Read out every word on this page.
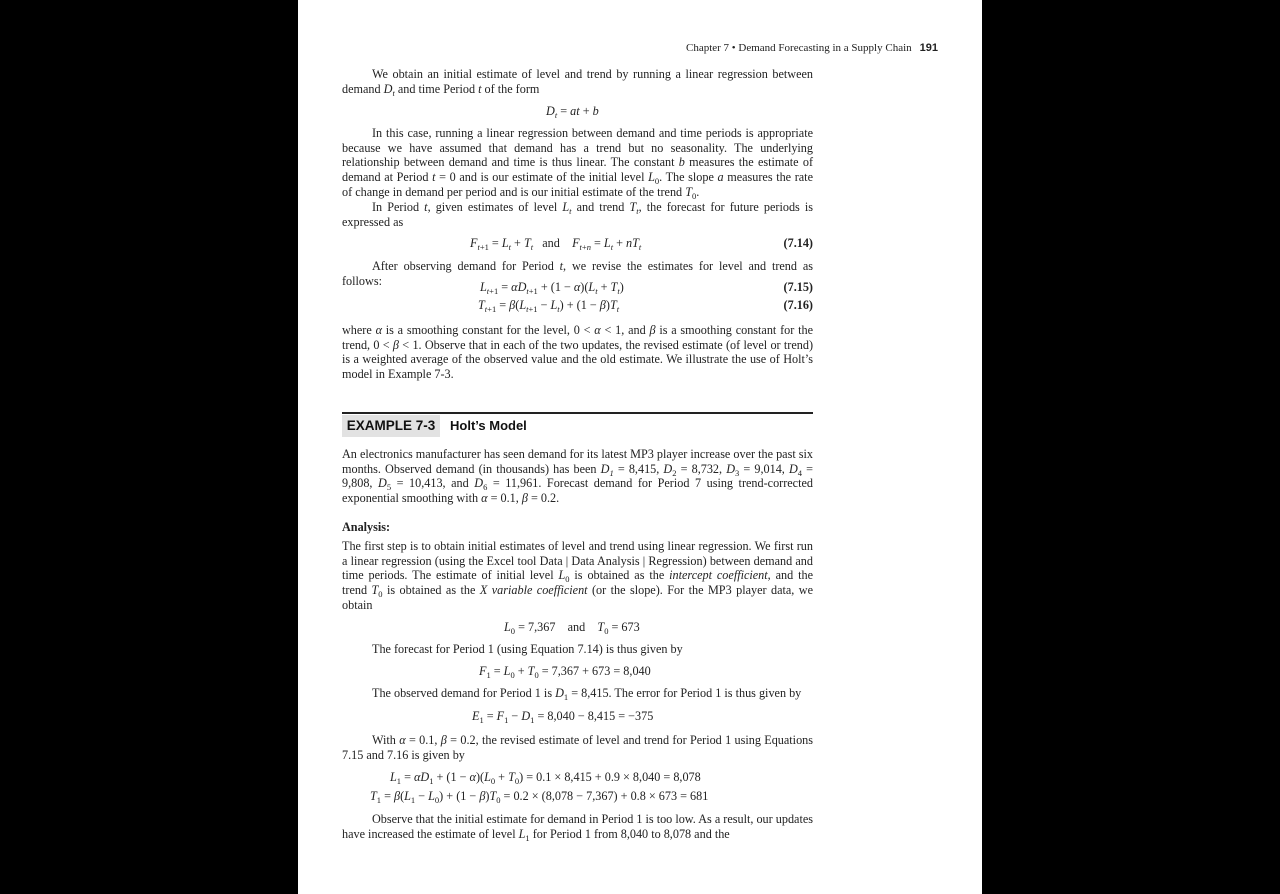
Chapter 7 • Demand Forecasting in a Supply Chain 191

We obtain an initial estimate of level and trend by running a linear regression between demand $D_t$ and time Period t of the form

$D_t$ = at + b

In this case, running a linear regression between demand and time periods is appropriate because we have assumed that demand has a trend but no seasonality. The underlying relationship between demand and time is thus linear. The constant b measures the estimate of demand at Period t = 0 and is our estimate of the initial level $L_0$. The slope a measures the rate of change in demand per period and is our initial estimate of the trend $T_0$.

In Period t, given estimates of level $L_t$ and trend $T_t$, the forecast for future periods is expressed as

$F_{t+1} = L_t + T_t$   and    $F_{t+n} = L_t + nT_t$	(7.14)

After observing demand for Period t, we revise the estimates for level and trend as follows:	$L_{t+1} = \alpha D_{t+1} + (1 - \alpha)(L_t + T_t)$	(7.15)
$T_{t+1} = \beta(L_{t+1} - L_t) + (1 - \beta)T_t$	(7.16)

where α is a smoothing constant for the level, 0 < α < 1, and β is a smoothing constant for the trend, 0 < β < 1. Observe that in each of the two updates, the revised estimate (of level or trend) is a weighted average of the observed value and the old estimate. We illustrate the use of Holt’s model in Example 7-3.

EXAMPLE 7-3	Holt’s Model

An electronics manufacturer has seen demand for its latest MP3 player increase over the past six months. Observed demand (in thousands) has been $D_1 = 8,415$, $D_2 = 8,732$, $D_3 = 9,014$, $D_4 = 9,808$, $D_5 = 10,413$, and $D_6 = 11,961$. Forecast demand for Period 7 using trend-corrected exponential smoothing with α = 0.1, β = 0.2.

Analysis:

The first step is to obtain initial estimates of level and trend using linear regression. We first run a linear regression (using the Excel tool Data | Data Analysis | Regression) between demand and time periods. The estimate of initial level $L_0$ is obtained as the intercept coefficient, and the trend $T_0$ is obtained as the X variable coefficient (or the slope). For the MP3 player data, we obtain

$L_0 = 7,367$    and    $T_0 = 673$

The forecast for Period 1 (using Equation 7.14) is thus given by

$F_1 = L_0 + T_0 = 7,367 + 673 = 8,040$

The observed demand for Period 1 is $D_1 = 8,415$. The error for Period 1 is thus given by

$E_1 = F_1 - D_1 = 8,040 - 8,415 = -375$

With α = 0.1, β = 0.2, the revised estimate of level and trend for Period 1 using Equations 7.15 and 7.16 is given by

$L_1 = \alpha D_1 + (1 - \alpha)(L_0 + T_0) = 0.1 \times 8,415 + 0.9 \times 8,040 = 8,078$
$T_1 = \beta(L_1 - L_0) + (1 - \beta)T_0 = 0.2 \times (8,078 - 7,367) + 0.8 \times 673 = 681$

Observe that the initial estimate for demand in Period 1 is too low. As a result, our updates have increased the estimate of level $L_1$ for Period 1 from 8,040 to 8,078 and the
